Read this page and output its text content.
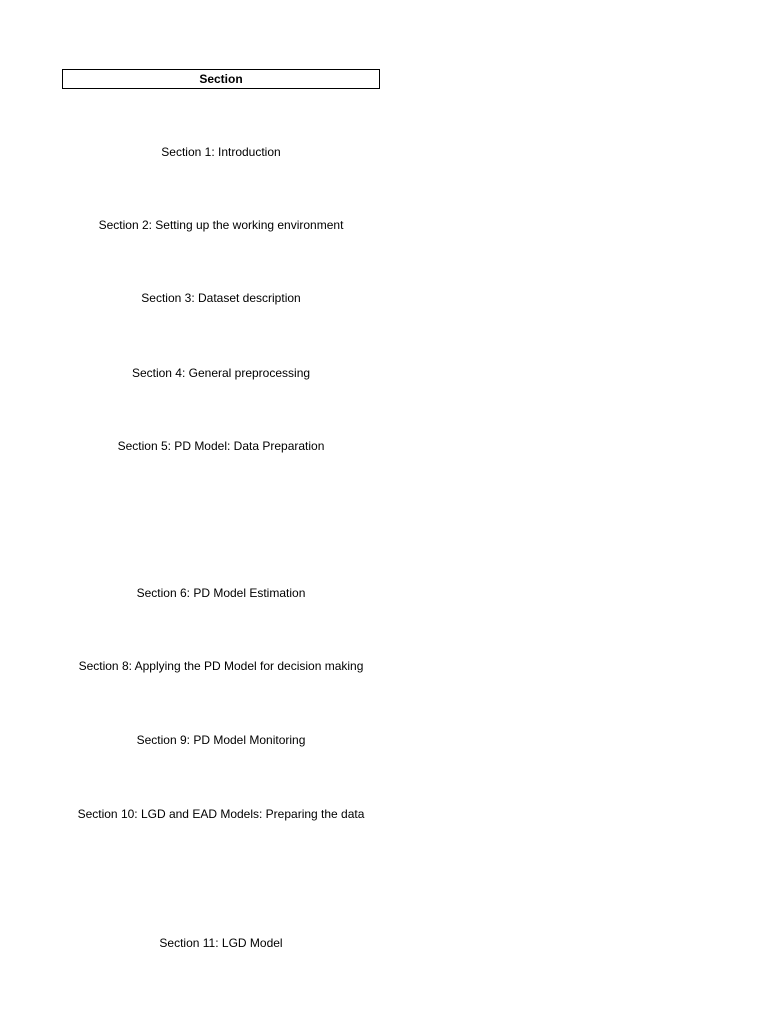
Section
Section 1: Introduction
Section 2: Setting up the working environment
Section 3: Dataset description
Section 4: General preprocessing
Section 5: PD Model: Data Preparation
Section 6: PD Model Estimation
Section 8: Applying the PD Model for decision making
Section 9: PD Model Monitoring
Section 10: LGD and EAD Models: Preparing the data
Section 11: LGD Model
